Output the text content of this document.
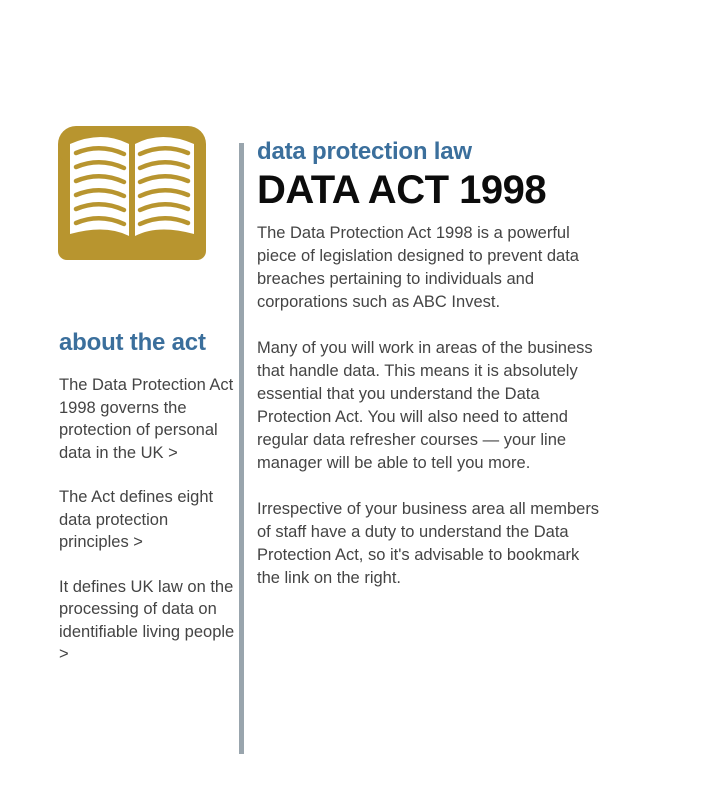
about the act
The Data Protection Act 1998 governs the protection of personal data in the UK >
The Act defines eight data protection principles >
It defines UK law on the processing of data on identifiable living people >
data protection law
DATA ACT 1998

The Data Protection Act 1998 is a powerful piece of legislation designed to prevent data breaches pertaining to individuals and corporations such as ABC Invest.

Many of you will work in areas of the business that handle data. This means it is absolutely essential that you understand the Data Protection Act. You will also need to attend regular data refresher courses — your line manager will be able to tell you more.

Irrespective of your business area all members of staff have a duty to understand the Data Protection Act, so it's advisable to bookmark the link on the right.
